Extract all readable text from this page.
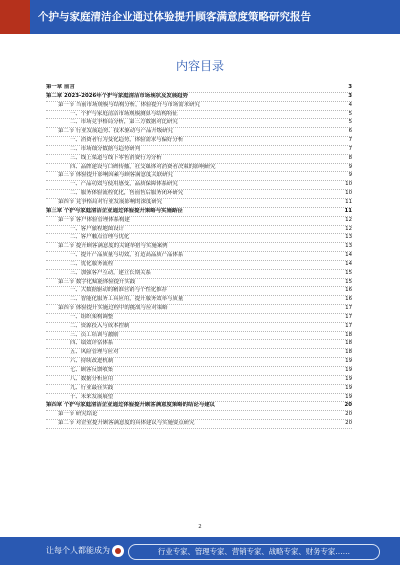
个护与家庭清洁企业通过体验提升顾客满意度策略研究报告
内容目录
第一章 前言	3
第二章 2023-2026年个护与家庭清洁市场现状及发展趋势	3
第一节 当前市场规模与结构分析，体验提升与市场需求研究	4
一、个护与家庭清洁市场规模测算与结构特征	5
二、市场竞争格局分析，第三方数据对比研究	5
第二节 行业发展趋势、技术驱动与产品升级研究	6
一、消费者行为变化趋势，体验需求与偏好分析	7
二、市场细分数据与趋势研判	7
三、线上渠道与线下零售消费行为分析	8
四、品牌建设与口碑传播，社交媒体对消费者决策的影响研究	9
第三节 体验提升影响因素与顾客满意度关联研究	9
一、产品功效与使用感受，品质保障体系研究	10
二、服务体验流程优化，售前售后服务闭环研究	10
第四节 竞争格局对行业发展影响的深度研究	11
第三章 个护与家庭清洁企业通过体验提升策略与实施路径	11
第一节 客户体验管理体系构建	12
一、客户旅程地图设计	12
二、客户触点管理与优化	13
第二节 提升顾客满意度的关键举措与实施案例	13
一、提升产品质量与功效，打造高品质产品体系	14
二、优化服务流程	14
三、加强客户互动，建立长期关系	15
第三节 数字化赋能体验提升实践	15
一、大数据驱动的精准营销与个性化推荐	16
二、智能化服务工具应用，提升服务效率与质量	16
第四节 体验提升实施过程中的挑战与应对策略	17
一、组织架构调整	17
二、资源投入与成本控制	17
三、员工培训与激励	18
四、绩效评估体系	18
五、风险管理与应对	18
六、持续改进机制	19
七、顾客反馈收集	19
八、数据分析应用	19
九、行业最佳实践	19
十、未来发展展望	19
第四章 个护与家庭清洁企业通过体验提升顾客满意度策略的结论与建议	20
第一节 研究结论	20
第二节 对企业提升顾客满意度的具体建议与实施要点研究	20
2
让每个人都能成为	行业专家、管理专家、营销专家、战略专家、财务专家……
